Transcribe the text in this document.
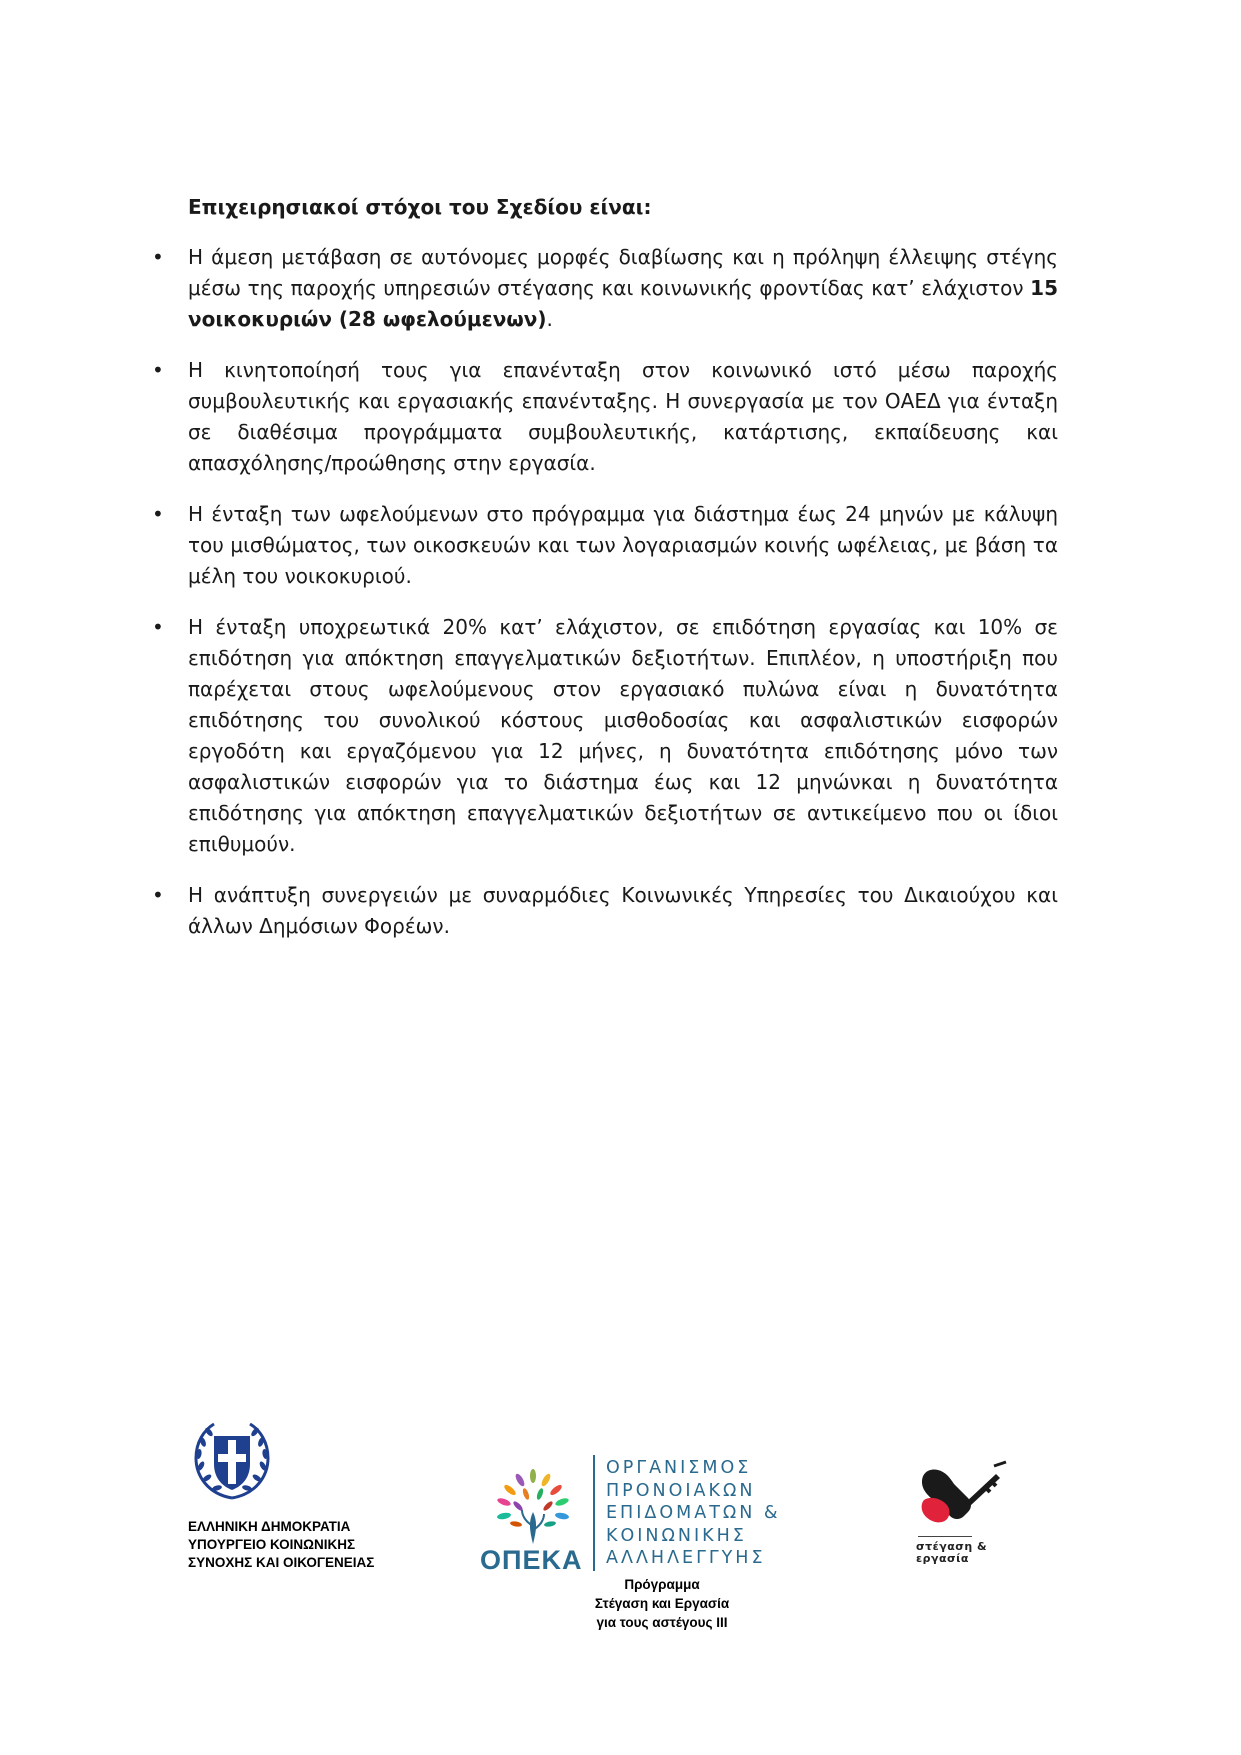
Επιχειρησιακοί στόχοι του Σχεδίου είναι:
•	Η άμεση μετάβαση σε αυτόνομες μορφές διαβίωσης και η πρόληψη έλλειψης στέγης μέσω της παροχής υπηρεσιών στέγασης και κοινωνικής φροντίδας κατ’ ελάχιστον 15 νοικοκυριών (28 ωφελούμενων).
•	Η κινητοποίησή τους για επανένταξη στον κοινωνικό ιστό μέσω παροχής συμβουλευτικής και εργασιακής επανένταξης. Η συνεργασία με τον ΟΑΕΔ για ένταξη σε διαθέσιμα προγράμματα συμβουλευτικής, κατάρτισης, εκπαίδευσης και απασχόλησης/προώθησης στην εργασία.
•	Η ένταξη των ωφελούμενων στο πρόγραμμα για διάστημα έως 24 μηνών με κάλυψη του μισθώματος, των οικοσκευών και των λογαριασμών κοινής ωφέλειας, με βάση τα μέλη του νοικοκυριού.
•	Η ένταξη υποχρεωτικά 20% κατ’ ελάχιστον, σε επιδότηση εργασίας και 10% σε επιδότηση για απόκτηση επαγγελματικών δεξιοτήτων. Επιπλέον, η υποστήριξη που παρέχεται στους ωφελούμενους στον εργασιακό πυλώνα είναι η δυνατότητα επιδότησης του συνολικού κόστους μισθοδοσίας και ασφαλιστικών εισφορών εργοδότη και εργαζόμενου για 12 μήνες, η δυνατότητα επιδότησης μόνο των ασφαλιστικών εισφορών για το διάστημα έως και 12 μηνώνκαι η δυνατότητα επιδότησης για απόκτηση επαγγελματικών δεξιοτήτων σε αντικείμενο που οι ίδιοι επιθυμούν.
•	Η ανάπτυξη συνεργειών με συναρμόδιες Κοινωνικές Υπηρεσίες του Δικαιούχου και άλλων Δημόσιων Φορέων.
ΕΛΛΗΝΙΚΗ ΔΗΜΟΚΡΑΤΙΑ
ΥΠΟΥΡΓΕΙΟ ΚΟΙΝΩΝΙΚΗΣ
ΣΥΝΟΧΗΣ ΚΑΙ ΟΙΚΟΓΕΝΕΙΑΣ	ΟΠΕΚΑ
ΟΡΓΑΝΙΣΜΟΣ
ΠΡΟΝΟΙΑΚΩΝ
ΕΠΙΔΟΜΑΤΩΝ &
ΚΟΙΝΩΝΙΚΗΣ
ΑΛΛΗΛΕΓΓΥΗΣ
Πρόγραμμα
Στέγαση και Εργασία
για τους αστέγους ΙΙΙ
στέγαση &
εργασία
